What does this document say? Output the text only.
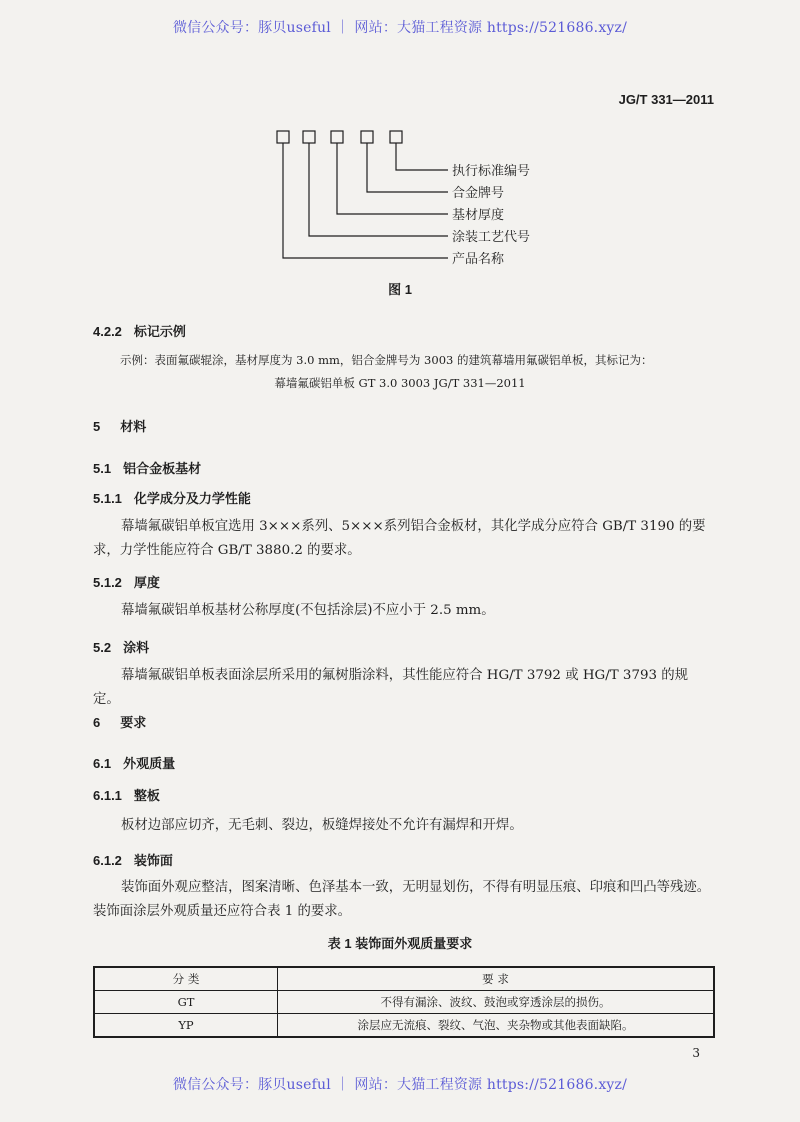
微信公众号：豚贝useful ｜ 网站：大猫工程资源 https://521686.xyz/
JG/T 331—2011
执行标准编号
合金牌号
基材厚度
涂装工艺代号
产品名称
图 1
4.2.2 标记示例
示例：表面氟碳辊涂，基材厚度为 3.0 mm，铝合金牌号为 3003 的建筑幕墙用氟碳铝单板，其标记为：
幕墙氟碳铝单板 GT 3.0 3003 JG/T 331—2011
5 材料
5.1 铝合金板基材
5.1.1 化学成分及力学性能
幕墙氟碳铝单板宜选用 3×××系列、5×××系列铝合金板材，其化学成分应符合 GB/T 3190 的要求，力学性能应符合 GB/T 3880.2 的要求。
5.1.2 厚度
幕墙氟碳铝单板基材公称厚度(不包括涂层)不应小于 2.5 mm。
5.2 涂料
幕墙氟碳铝单板表面涂层所采用的氟树脂涂料，其性能应符合 HG/T 3792 或 HG/T 3793 的规定。
6 要求
6.1 外观质量
6.1.1 整板
板材边部应切齐，无毛刺、裂边，板缝焊接处不允许有漏焊和开焊。
6.1.2 装饰面
装饰面外观应整洁，图案清晰、色泽基本一致，无明显划伤，不得有明显压痕、印痕和凹凸等残迹。装饰面涂层外观质量还应符合表 1 的要求。
表 1 装饰面外观质量要求
分 类	要 求
GT	不得有漏涂、波纹、鼓泡或穿透涂层的损伤。
YP	涂层应无流痕、裂纹、气泡、夹杂物或其他表面缺陷。
3
微信公众号：豚贝useful ｜ 网站：大猫工程资源 https://521686.xyz/
